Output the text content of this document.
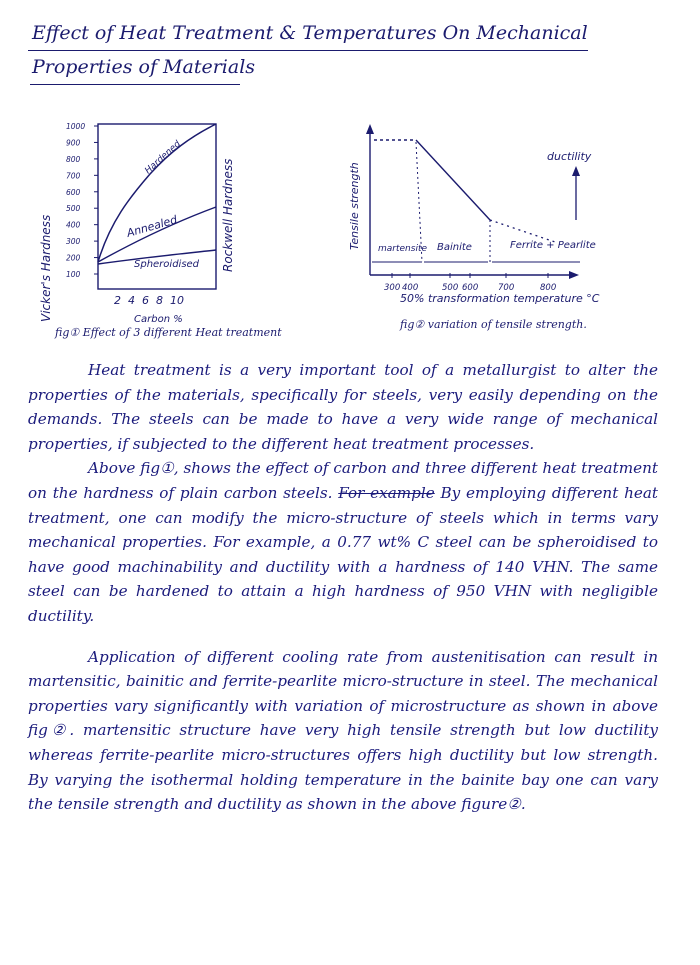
Effect of Heat Treatment & Temperatures On Mechanical
Properties of Materials
Vicker's Hardness	Rockwell Hardness
1000
900
800
700
600
500
400
300
200
100
Hardened
Annealed
Spheroidised
2 4 6 8 10
Carbon %
fig① Effect of 3 different Heat treatment
Tensile strength martensite Bainite	Ferrite + Pearlite
ductility
300 400	500 600 700	800
50% transformation temperature °C
fig② variation of tensile strength.

Heat treatment is a very important tool of a metallurgist to alter the properties of the materials, specifically for steels, very easily depending on the demands. The steels can be made to have a very wide range of mechanical properties, if subjected to the different heat treatment processes.

Above fig①, shows the effect of carbon and three different heat treatment on the hardness of plain carbon steels. For example By employing different heat treatment, one can modify the micro-structure of steels which in terms vary mechanical properties. For example, a 0.77 wt% C steel can be spheroidised to have good machinability and ductility with a hardness of 140 VHN. The same steel can be hardened to attain a high hardness of 950 VHN with negligible ductility.

Application of different cooling rate from austenitisation can result in martensitic, bainitic and ferrite-pearlite micro-structure in steel. The mechanical properties vary significantly with variation of microstructure as shown in above fig②. martensitic structure have very high tensile strength but low ductility whereas ferrite-pearlite micro-structures offers high ductility but low strength. By varying the isothermal holding temperature in the bainite bay one can vary the tensile strength and ductility as shown in the above figure②.
